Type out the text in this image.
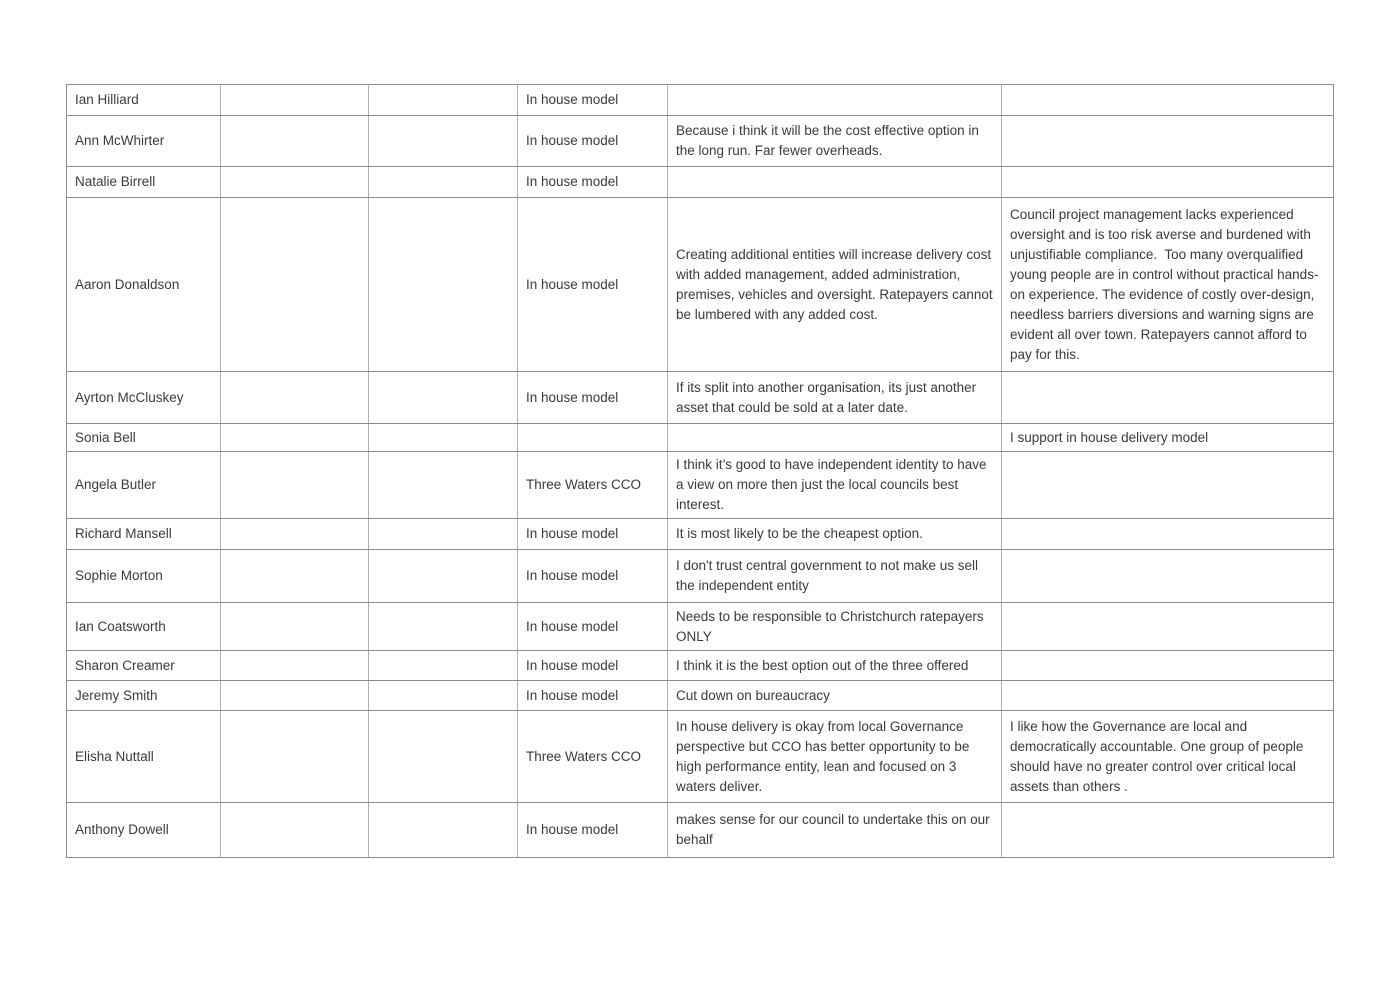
Ian Hilliard			In house model		
Ann McWhirter			In house model	Because i think it will be the cost effective option in the long run. Far fewer overheads.	
Natalie Birrell			In house model		
Aaron Donaldson			In house model	Creating additional entities will increase delivery cost with added management, added administration, premises, vehicles and oversight. Ratepayers cannot be lumbered with any added cost.	Council project management lacks experienced oversight and is too risk averse and burdened with unjustifiable compliance.  Too many overqualified young people are in control without practical hands-on experience. The evidence of costly over-design, needless barriers diversions and warning signs are evident all over town. Ratepayers cannot afford to pay for this.
Ayrton McCluskey			In house model	If its split into another organisation, its just another asset that could be sold at a later date.	
Sonia Bell					I support in house delivery model
Angela Butler			Three Waters CCO	I think it’s good to have independent identity to have a view on more then just the local councils best interest.	
Richard Mansell			In house model	It is most likely to be the cheapest option.	
Sophie Morton			In house model	I don't trust central government to not make us sell the independent entity	
Ian Coatsworth			In house model	Needs to be responsible to Christchurch ratepayers ONLY	
Sharon Creamer			In house model	I think it is the best option out of the three offered	
Jeremy Smith			In house model	Cut down on bureaucracy	
Elisha Nuttall			Three Waters CCO	In house delivery is okay from local Governance perspective but CCO has better opportunity to be high performance entity, lean and focused on 3 waters deliver.	I like how the Governance are local and democratically accountable. One group of people should have no greater control over critical local assets than others .
Anthony Dowell			In house model	makes sense for our council to undertake this on our behalf	
